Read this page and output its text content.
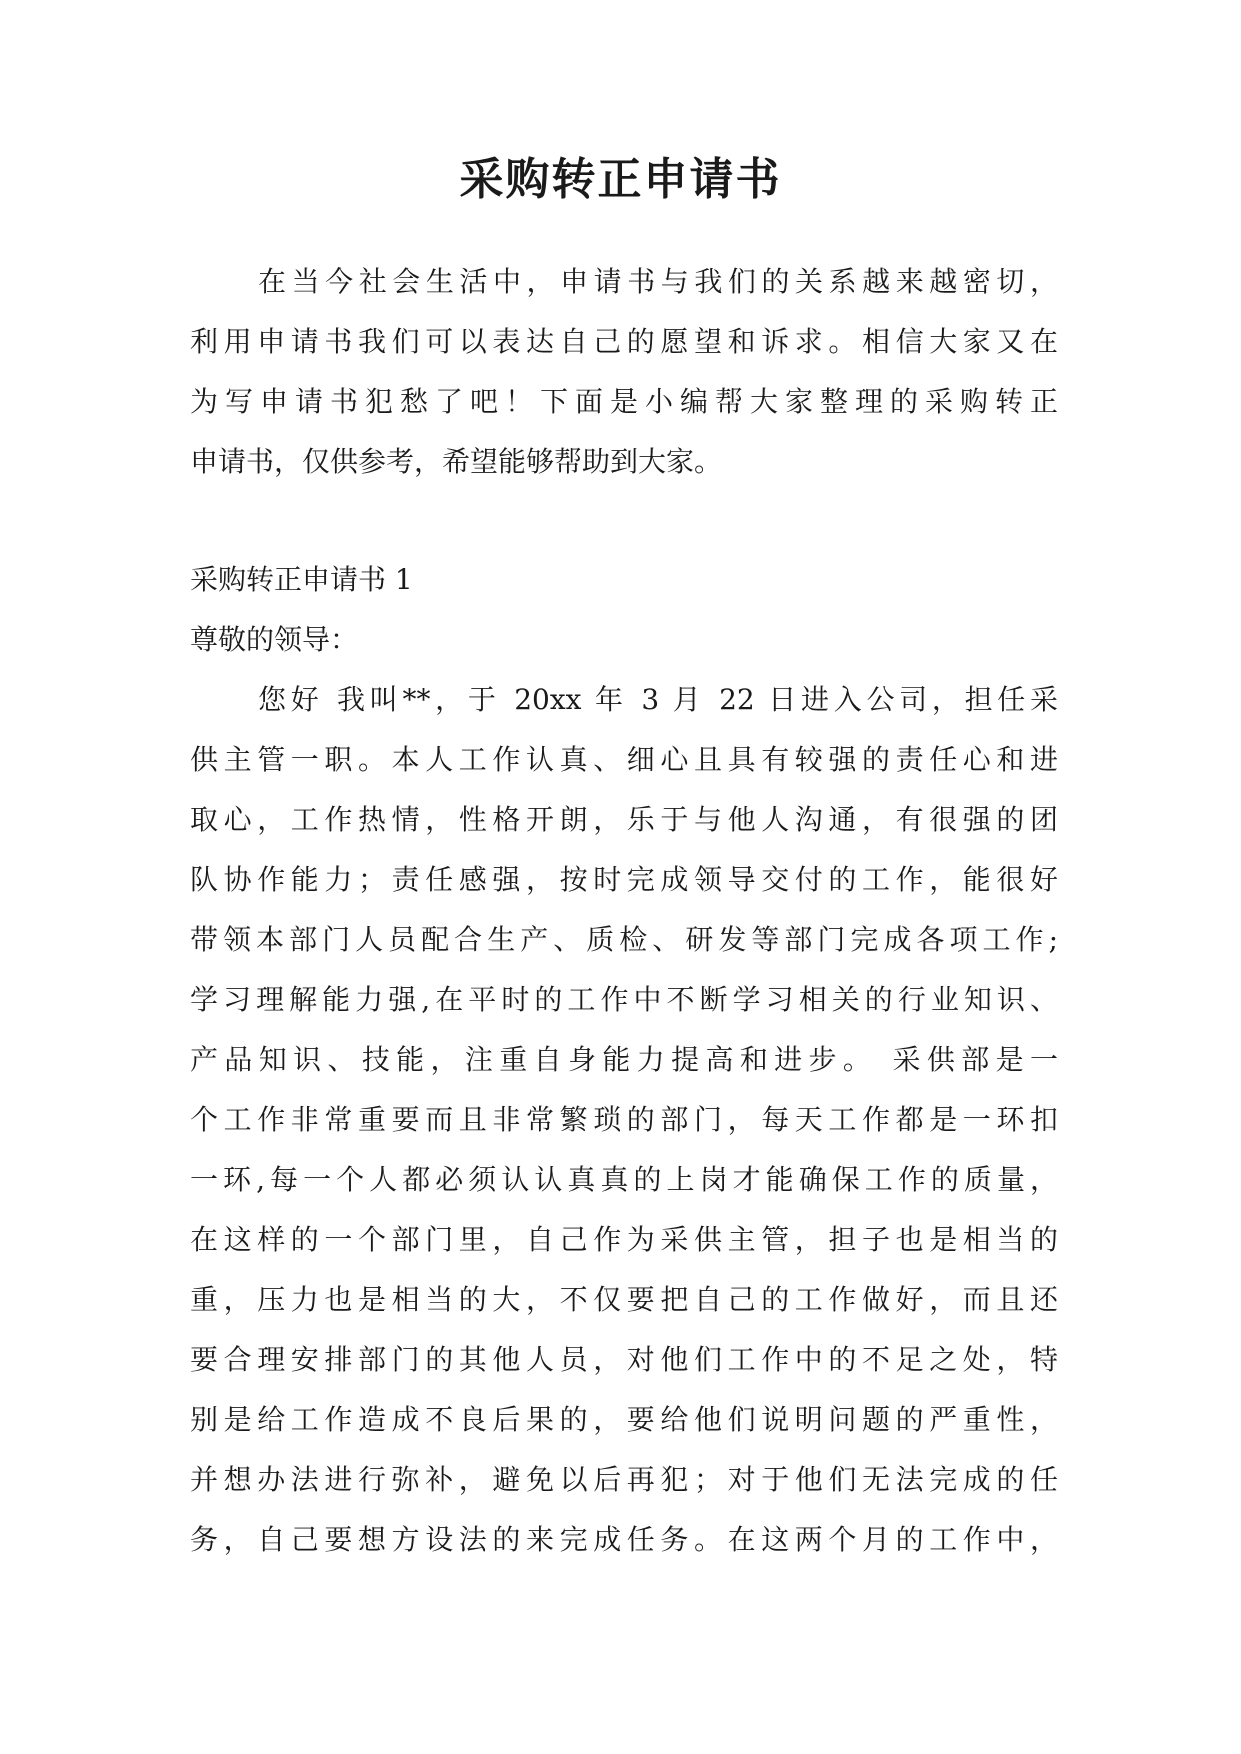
采购转正申请书

在当今社会生活中，申请书与我们的关系越来越密切，

利用申请书我们可以表达自己的愿望和诉求。相信大家又在

为写申请书犯愁了吧！下面是小编帮大家整理的采购转正

申请书，仅供参考，希望能够帮助到大家。

采购转正申请书 1

尊敬的领导：

您好 我叫**，于 20xx 年 3 月 22 日进入公司，担任采

供主管一职。本人工作认真、细心且具有较强的责任心和进

取心，工作热情，性格开朗，乐于与他人沟通，有很强的团

队协作能力；责任感强，按时完成领导交付的工作，能很好

带领本部门人员配合生产、质检、研发等部门完成各项工作;

学习理解能力强,在平时的工作中不断学习相关的行业知识、

产品知识、技能，注重自身能力提高和进步。 采供部是一

个工作非常重要而且非常繁琐的部门，每天工作都是一环扣

一环,每一个人都必须认认真真的上岗才能确保工作的质量，

在这样的一个部门里，自己作为采供主管，担子也是相当的

重，压力也是相当的大，不仅要把自己的工作做好，而且还

要合理安排部门的其他人员，对他们工作中的不足之处，特

别是给工作造成不良后果的，要给他们说明问题的严重性，

并想办法进行弥补，避免以后再犯；对于他们无法完成的任

务，自己要想方设法的来完成任务。在这两个月的工作中，
